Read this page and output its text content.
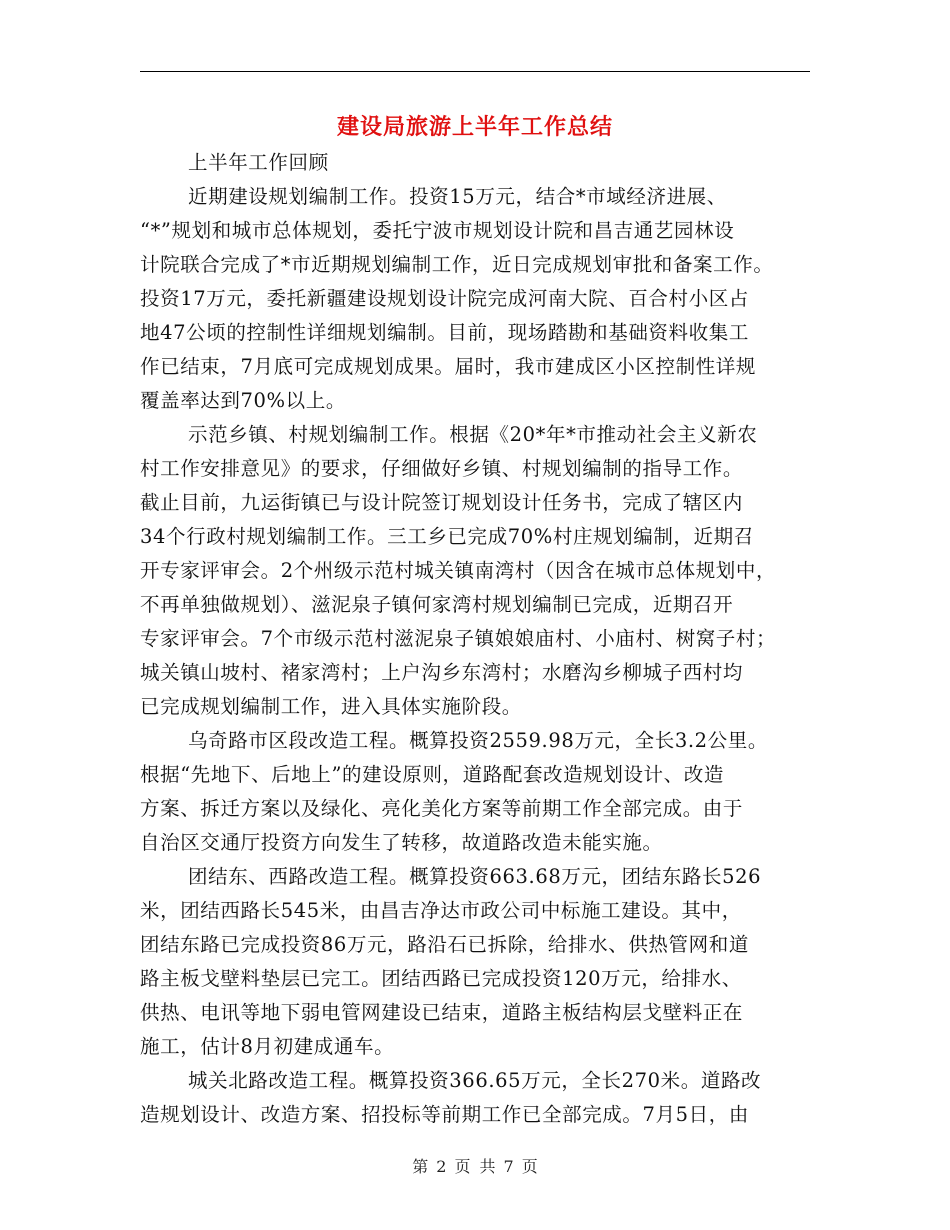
建设局旅游上半年工作总结
上半年工作回顾
近期建设规划编制工作。投资15万元，结合*市域经济进展、
“*”规划和城市总体规划，委托宁波市规划设计院和昌吉通艺园林设
计院联合完成了*市近期规划编制工作，近日完成规划审批和备案工作。
投资17万元，委托新疆建设规划设计院完成河南大院、百合村小区占
地47公顷的控制性详细规划编制。目前，现场踏勘和基础资料收集工
作已结束，7月底可完成规划成果。届时，我市建成区小区控制性详规
覆盖率达到70%以上。
示范乡镇、村规划编制工作。根据《20*年*市推动社会主义新农
村工作安排意见》的要求，仔细做好乡镇、村规划编制的指导工作。
截止目前，九运街镇已与设计院签订规划设计任务书，完成了辖区内
34个行政村规划编制工作。三工乡已完成70%村庄规划编制，近期召
开专家评审会。2个州级示范村城关镇南湾村（因含在城市总体规划中，
不再单独做规划）、滋泥泉子镇何家湾村规划编制已完成，近期召开
专家评审会。7个市级示范村滋泥泉子镇娘娘庙村、小庙村、树窝子村；
城关镇山坡村、褚家湾村；上户沟乡东湾村；水磨沟乡柳城子西村均
已完成规划编制工作，进入具体实施阶段。
乌奇路市区段改造工程。概算投资2559.98万元，全长3.2公里。
根据“先地下、后地上”的建设原则，道路配套改造规划设计、改造
方案、拆迁方案以及绿化、亮化美化方案等前期工作全部完成。由于
自治区交通厅投资方向发生了转移，故道路改造未能实施。
团结东、西路改造工程。概算投资663.68万元，团结东路长526
米，团结西路长545米，由昌吉净达市政公司中标施工建设。其中，
团结东路已完成投资86万元，路沿石已拆除，给排水、供热管网和道
路主板戈壁料垫层已完工。团结西路已完成投资120万元，给排水、
供热、电讯等地下弱电管网建设已结束，道路主板结构层戈壁料正在
施工，估计8月初建成通车。
城关北路改造工程。概算投资366.65万元，全长270米。道路改
造规划设计、改造方案、招投标等前期工作已全部完成。7月5日，由
第 2 页 共 7 页
